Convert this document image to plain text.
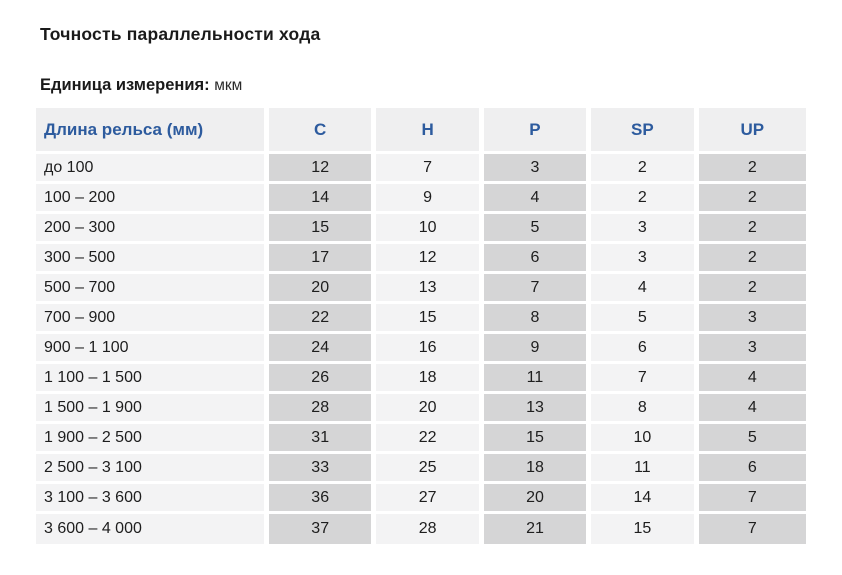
Точность параллельности хода
Единица измерения: мкм
Длина рельса (мм)	C	H	P	SP	UP
до 100	12	7	3	2	2
100 – 200	14	9	4	2	2
200 – 300	15	10	5	3	2
300 – 500	17	12	6	3	2
500 – 700	20	13	7	4	2
700 – 900	22	15	8	5	3
900 – 1 100	24	16	9	6	3
1 100 – 1 500	26	18	11	7	4
1 500 – 1 900	28	20	13	8	4
1 900 – 2 500	31	22	15	10	5
2 500 – 3 100	33	25	18	11	6
3 100 – 3 600	36	27	20	14	7
3 600 – 4 000	37	28	21	15	7
